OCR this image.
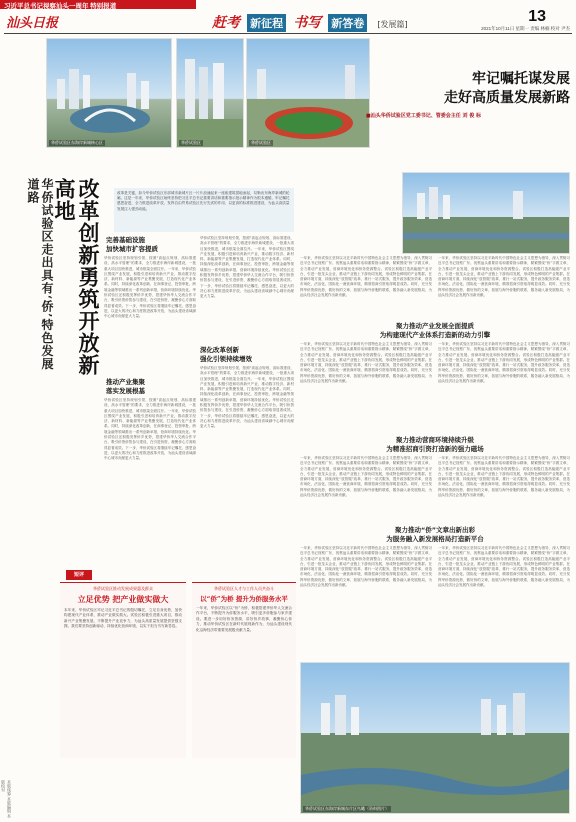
习近平总书记视察汕头一周年 特别报道
汕头日报	赶考 新征程 书写 新答卷 [发展篇]	13
2021年10月11日 星期一 责编 林楠 校对 尹杰
华侨试验区东海岸新城核心区	华侨试验区	华侨试验区
牢记嘱托谋发展
走好高质量发展新路
■汕头华侨试验区党工委书记、管委会主任 刘 俊 标
改革创新勇筑开放新高地
华侨试验区走出具有‘侨’特色发展道路	改革是关键，如今华侨试验区东部城市新城片区一片片浪涌起来一座座建筑拔地而起，勾勒出东海岸新城的轮廓。这是一年来，华侨试验区始终坚持把习近平总书记重要讲话和重要指示批示精神作为根本遵循，牢记嘱托感恩奋进，全力推进改革开放，发挥自由贸易试验区先行先试的作用，以更高的标准推进建设，为汕头高质量发展注入强劲动能。
完善基础设施
加快城市扩容提质
华侨试验区坚持规划引领，按照“高起点规划、高标准建设、高水平管理”的要求，全力推进东海岸新城建设，一批重大项目加快推进，城市框架全面拉开。一年来，华侨试验区围绕产业发展，积极引进和培育新兴产业，推动数字经济、新材料、新能源等产业集聚发展，打造现代化产业体系。同时，持续深化改革创新，在商事登记、投资审批、跨境金融等领域推出一系列创新举措，营商环境持续优化。华侨试验区还积极发挥侨乡优势，搭建华侨华人交流合作平台，吸引侨资侨智参与建设，在引进侨资、凝聚侨心方面取得显著成效。下一步，华侨试验区将继续牢记嘱托、感恩奋进，以更大的决心和力度推进改革开放，为汕头建设省域副中心城市贡献更大力量。
推动产业集聚
落实发展根基
华侨试验区坚持规划引领，按照“高起点规划、高标准建设、高水平管理”的要求，全力推进东海岸新城建设，一批重大项目加快推进，城市框架全面拉开。一年来，华侨试验区围绕产业发展，积极引进和培育新兴产业，推动数字经济、新材料、新能源等产业集聚发展，打造现代化产业体系。同时，持续深化改革创新，在商事登记、投资审批、跨境金融等领域推出一系列创新举措，营商环境持续优化。华侨试验区还积极发挥侨乡优势，搭建华侨华人交流合作平台，吸引侨资侨智参与建设，在引进侨资、凝聚侨心方面取得显著成效。下一步，华侨试验区将继续牢记嘱托、感恩奋进，以更大的决心和力度推进改革开放，为汕头建设省域副中心城市贡献更大力量。
华侨试验区坚持规划引领，按照“高起点规划、高标准建设、高水平管理”的要求，全力推进东海岸新城建设，一批重大项目加快推进，城市框架全面拉开。一年来，华侨试验区围绕产业发展，积极引进和培育新兴产业，推动数字经济、新材料、新能源等产业集聚发展，打造现代化产业体系。同时，持续深化改革创新，在商事登记、投资审批、跨境金融等领域推出一系列创新举措，营商环境持续优化。华侨试验区还积极发挥侨乡优势，搭建华侨华人交流合作平台，吸引侨资侨智参与建设，在引进侨资、凝聚侨心方面取得显著成效。下一步，华侨试验区将继续牢记嘱托、感恩奋进，以更大的决心和力度推进改革开放，为汕头建设省域副中心城市贡献更大力量。
深化改革创新
强化引领持续增效
华侨试验区坚持规划引领，按照“高起点规划、高标准建设、高水平管理”的要求，全力推进东海岸新城建设，一批重大项目加快推进，城市框架全面拉开。一年来，华侨试验区围绕产业发展，积极引进和培育新兴产业，推动数字经济、新材料、新能源等产业集聚发展，打造现代化产业体系。同时，持续深化改革创新，在商事登记、投资审批、跨境金融等领域推出一系列创新举措，营商环境持续优化。华侨试验区还积极发挥侨乡优势，搭建华侨华人交流合作平台，吸引侨资侨智参与建设，在引进侨资、凝聚侨心方面取得显著成效。下一步，华侨试验区将继续牢记嘱托、感恩奋进，以更大的决心和力度推进改革开放，为汕头建设省域副中心城市贡献更大力量。
一年来，华侨试验区坚持以习近平新时代中国特色社会主义思想为指导，深入贯彻习近平总书记视察广东、视察汕头重要讲话和重要指示精神，紧紧围绕“侨”字做文章，全力推动产业发展、营商环境优化和侨务资源整合。试验区积极打造高能级产业平台，引进一批龙头企业，推动产业链上下游协同发展，形成特色鲜明的产业集群。在营商环境方面，持续深化“放管服”改革，推行一站式服务，提升政务服务效率，营造市场化、法治化、国际化一流营商环境，精准招商引资取得明显成效。同时，充分发挥华侨资源优势，做好侨的文章，拓展与海外侨胞的联系，服务融入新发展格局，为汕头经济社会发展作出新贡献。
一年来，华侨试验区坚持以习近平新时代中国特色社会主义思想为指导，深入贯彻习近平总书记视察广东、视察汕头重要讲话和重要指示精神，紧紧围绕“侨”字做文章，全力推动产业发展、营商环境优化和侨务资源整合。试验区积极打造高能级产业平台，引进一批龙头企业，推动产业链上下游协同发展，形成特色鲜明的产业集群。在营商环境方面，持续深化“放管服”改革，推行一站式服务，提升政务服务效率，营造市场化、法治化、国际化一流营商环境，精准招商引资取得明显成效。同时，充分发挥华侨资源优势，做好侨的文章，拓展与海外侨胞的联系，服务融入新发展格局，为汕头经济社会发展作出新贡献。
聚力推动产业发展全面提质
为构建现代产业体系打造新的动力引擎
一年来，华侨试验区坚持以习近平新时代中国特色社会主义思想为指导，深入贯彻习近平总书记视察广东、视察汕头重要讲话和重要指示精神，紧紧围绕“侨”字做文章，全力推动产业发展、营商环境优化和侨务资源整合。试验区积极打造高能级产业平台，引进一批龙头企业，推动产业链上下游协同发展，形成特色鲜明的产业集群。在营商环境方面，持续深化“放管服”改革，推行一站式服务，提升政务服务效率，营造市场化、法治化、国际化一流营商环境，精准招商引资取得明显成效。同时，充分发挥华侨资源优势，做好侨的文章，拓展与海外侨胞的联系，服务融入新发展格局，为汕头经济社会发展作出新贡献。
一年来，华侨试验区坚持以习近平新时代中国特色社会主义思想为指导，深入贯彻习近平总书记视察广东、视察汕头重要讲话和重要指示精神，紧紧围绕“侨”字做文章，全力推动产业发展、营商环境优化和侨务资源整合。试验区积极打造高能级产业平台，引进一批龙头企业，推动产业链上下游协同发展，形成特色鲜明的产业集群。在营商环境方面，持续深化“放管服”改革，推行一站式服务，提升政务服务效率，营造市场化、法治化、国际化一流营商环境，精准招商引资取得明显成效。同时，充分发挥华侨资源优势，做好侨的文章，拓展与海外侨胞的联系，服务融入新发展格局，为汕头经济社会发展作出新贡献。
聚力推动营商环境持续升级
为精准招商引资打造新的强力磁场
一年来，华侨试验区坚持以习近平新时代中国特色社会主义思想为指导，深入贯彻习近平总书记视察广东、视察汕头重要讲话和重要指示精神，紧紧围绕“侨”字做文章，全力推动产业发展、营商环境优化和侨务资源整合。试验区积极打造高能级产业平台，引进一批龙头企业，推动产业链上下游协同发展，形成特色鲜明的产业集群。在营商环境方面，持续深化“放管服”改革，推行一站式服务，提升政务服务效率，营造市场化、法治化、国际化一流营商环境，精准招商引资取得明显成效。同时，充分发挥华侨资源优势，做好侨的文章，拓展与海外侨胞的联系，服务融入新发展格局，为汕头经济社会发展作出新贡献。
一年来，华侨试验区坚持以习近平新时代中国特色社会主义思想为指导，深入贯彻习近平总书记视察广东、视察汕头重要讲话和重要指示精神，紧紧围绕“侨”字做文章，全力推动产业发展、营商环境优化和侨务资源整合。试验区积极打造高能级产业平台，引进一批龙头企业，推动产业链上下游协同发展，形成特色鲜明的产业集群。在营商环境方面，持续深化“放管服”改革，推行一站式服务，提升政务服务效率，营造市场化、法治化、国际化一流营商环境，精准招商引资取得明显成效。同时，充分发挥华侨资源优势，做好侨的文章，拓展与海外侨胞的联系，服务融入新发展格局，为汕头经济社会发展作出新贡献。
聚力推动“侨”文章出新出彩
为服务融入新发展格局打造新平台
一年来，华侨试验区坚持以习近平新时代中国特色社会主义思想为指导，深入贯彻习近平总书记视察广东、视察汕头重要讲话和重要指示精神，紧紧围绕“侨”字做文章，全力推动产业发展、营商环境优化和侨务资源整合。试验区积极打造高能级产业平台，引进一批龙头企业，推动产业链上下游协同发展，形成特色鲜明的产业集群。在营商环境方面，持续深化“放管服”改革，推行一站式服务，提升政务服务效率，营造市场化、法治化、国际化一流营商环境，精准招商引资取得明显成效。同时，充分发挥华侨资源优势，做好侨的文章，拓展与海外侨胞的联系，服务融入新发展格局，为汕头经济社会发展作出新贡献。
一年来，华侨试验区坚持以习近平新时代中国特色社会主义思想为指导，深入贯彻习近平总书记视察广东、视察汕头重要讲话和重要指示精神，紧紧围绕“侨”字做文章，全力推动产业发展、营商环境优化和侨务资源整合。试验区积极打造高能级产业平台，引进一批龙头企业，推动产业链上下游协同发展，形成特色鲜明的产业集群。在营商环境方面，持续深化“放管服”改革，推行一站式服务，提升政务服务效率，营造市场化、法治化、国际化一流营商环境，精准招商引资取得明显成效。同时，充分发挥华侨资源优势，做好侨的文章，拓展与海外侨胞的联系，服务融入新发展格局，为汕头经济社会发展作出新贡献。
短评
华侨试验区推动发展成果惠及群众
立足优势 把产业做实做大
本年来，华侨试验区牢记习近平总书记的殷切嘱托，立足自身优势，加快构建现代产业体系，推动产业做实做大。试验区积极引进重大项目，推动新兴产业集聚发展，不断提升产业竞争力，为汕头高质量发展提供坚强支撑。我们要坚持创新驱动，持续优化营商环境，以实干担当书写新答卷。
华侨试验区人才与工作人员共奋斗
以“侨”为桥 提升为侨服务水平
一年来，华侨试验区以“侨”为桥，积极搭建华侨华人交流合作平台，不断提升为侨服务水平，吸引更多侨胞参与家乡建设。要进一步用好侨务资源，讲好侨乡故事，凝聚侨心侨力，推动华侨试验区在新时代展现新作为，为汕头建设现代化沿海经济带重要发展极贡献力量。
华侨试验区东海岸新城东片区鸟瞰（资料图片）
本版统筹 本版编辑 本版校对
